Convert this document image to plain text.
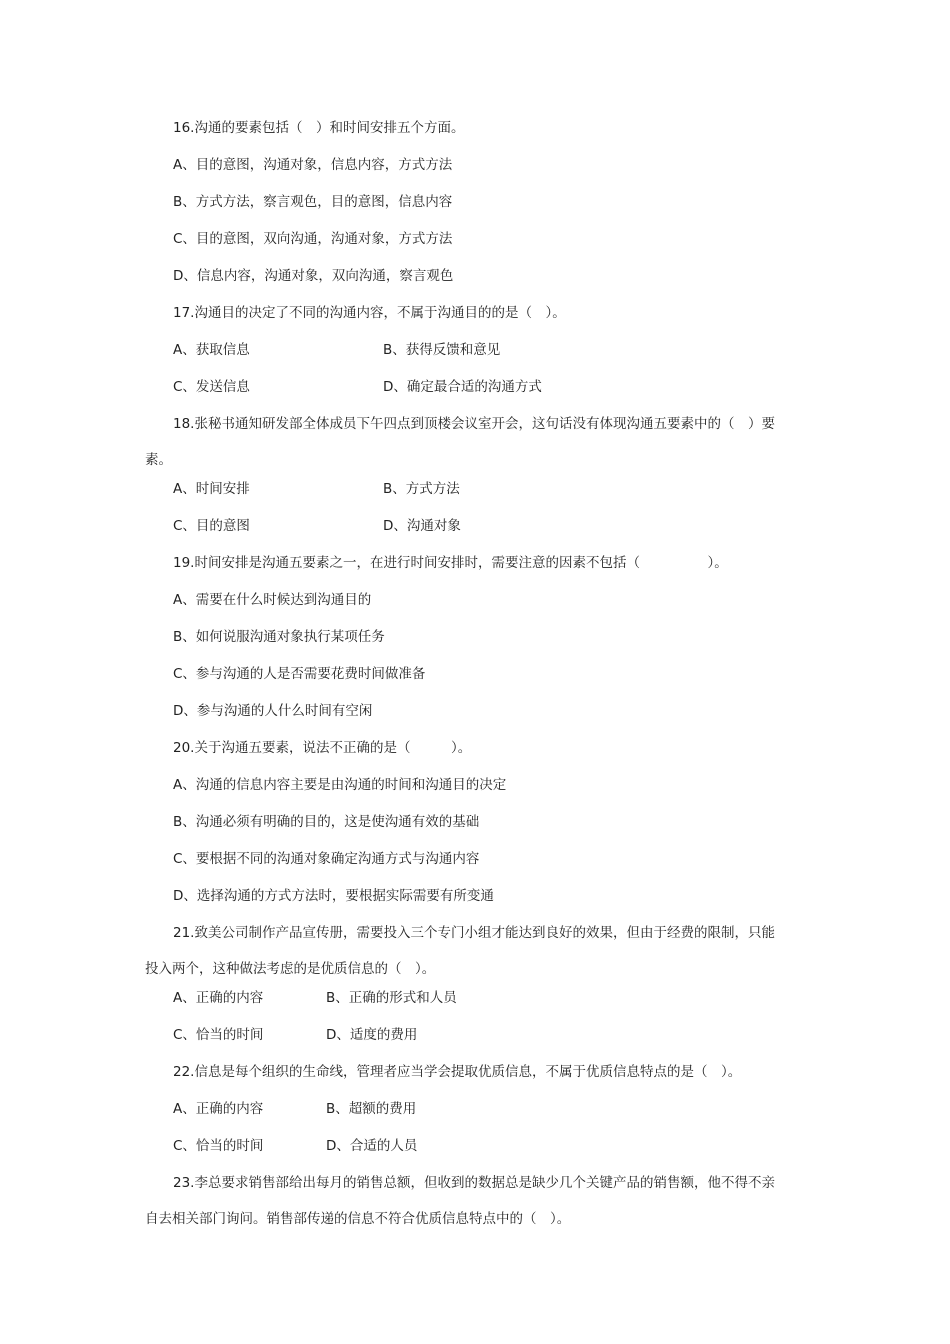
16.沟通的要素包括（　）和时间安排五个方面。
A、目的意图，沟通对象，信息内容，方式方法
B、方式方法，察言观色，目的意图，信息内容
C、目的意图，双向沟通，沟通对象，方式方法
D、信息内容，沟通对象，双向沟通，察言观色
17.沟通目的决定了不同的沟通内容，不属于沟通目的的是（　）。
A、获取信息	B、获得反馈和意见
C、发送信息	D、确定最合适的沟通方式
18.张秘书通知研发部全体成员下午四点到顶楼会议室开会，这句话没有体现沟通五要素中的（　）要
素。
A、时间安排	B、方式方法
C、目的意图	D、沟通对象
19.时间安排是沟通五要素之一，在进行时间安排时，需要注意的因素不包括（　　　　　）。
A、需要在什么时候达到沟通目的
B、如何说服沟通对象执行某项任务
C、参与沟通的人是否需要花费时间做准备
D、参与沟通的人什么时间有空闲
20.关于沟通五要素，说法不正确的是（　　　）。
A、沟通的信息内容主要是由沟通的时间和沟通目的决定
B、沟通必须有明确的目的，这是使沟通有效的基础
C、要根据不同的沟通对象确定沟通方式与沟通内容
D、选择沟通的方式方法时，要根据实际需要有所变通
21.致美公司制作产品宣传册，需要投入三个专门小组才能达到良好的效果，但由于经费的限制，只能
投入两个，这种做法考虑的是优质信息的（　）。
A、正确的内容	B、正确的形式和人员
C、恰当的时间	D、适度的费用
22.信息是每个组织的生命线，管理者应当学会提取优质信息，不属于优质信息特点的是（　）。
A、正确的内容	B、超额的费用
C、恰当的时间	D、合适的人员
23.李总要求销售部给出每月的销售总额，但收到的数据总是缺少几个关键产品的销售额，他不得不亲
自去相关部门询问。销售部传递的信息不符合优质信息特点中的（　）。
